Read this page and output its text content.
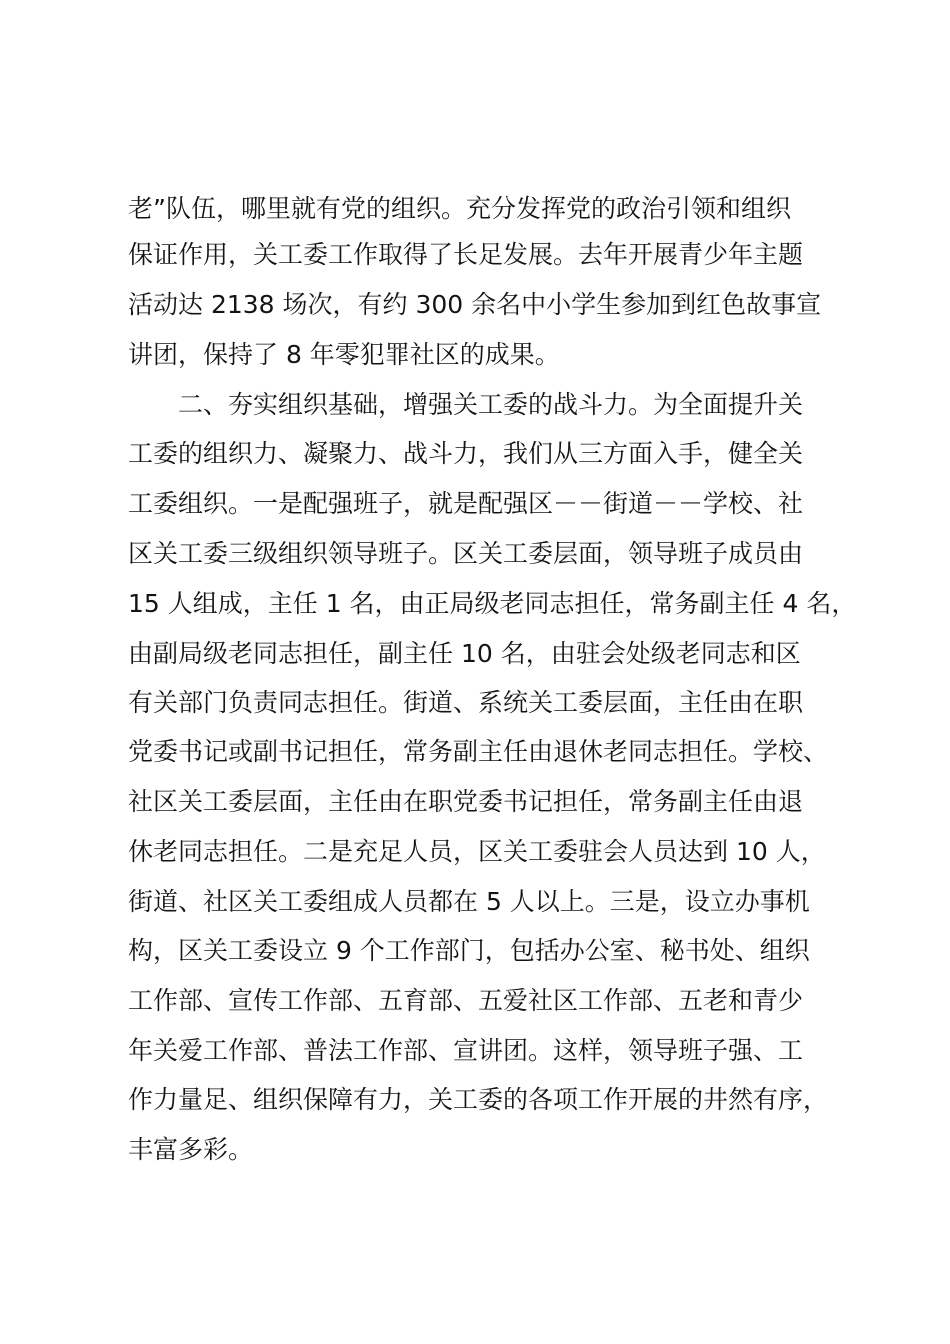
老”队伍，哪里就有党的组织。充分发挥党的政治引领和组织
保证作用，关工委工作取得了长足发展。去年开展青少年主题
活动达 2138 场次，有约 300 余名中小学生参加到红色故事宣
讲团，保持了 8 年零犯罪社区的成果。
二、夯实组织基础，增强关工委的战斗力。为全面提升关
工委的组织力、凝聚力、战斗力，我们从三方面入手，健全关
工委组织。一是配强班子，就是配强区－－街道－－学校、社
区关工委三级组织领导班子。区关工委层面，领导班子成员由
15 人组成，主任 1 名，由正局级老同志担任，常务副主任 4 名，
由副局级老同志担任，副主任 10 名，由驻会处级老同志和区
有关部门负责同志担任。街道、系统关工委层面，主任由在职
党委书记或副书记担任，常务副主任由退休老同志担任。学校、
社区关工委层面，主任由在职党委书记担任，常务副主任由退
休老同志担任。二是充足人员，区关工委驻会人员达到 10 人，
街道、社区关工委组成人员都在 5 人以上。三是，设立办事机
构，区关工委设立 9 个工作部门，包括办公室、秘书处、组织
工作部、宣传工作部、五育部、五爱社区工作部、五老和青少
年关爱工作部、普法工作部、宣讲团。这样，领导班子强、工
作力量足、组织保障有力，关工委的各项工作开展的井然有序，
丰富多彩。
